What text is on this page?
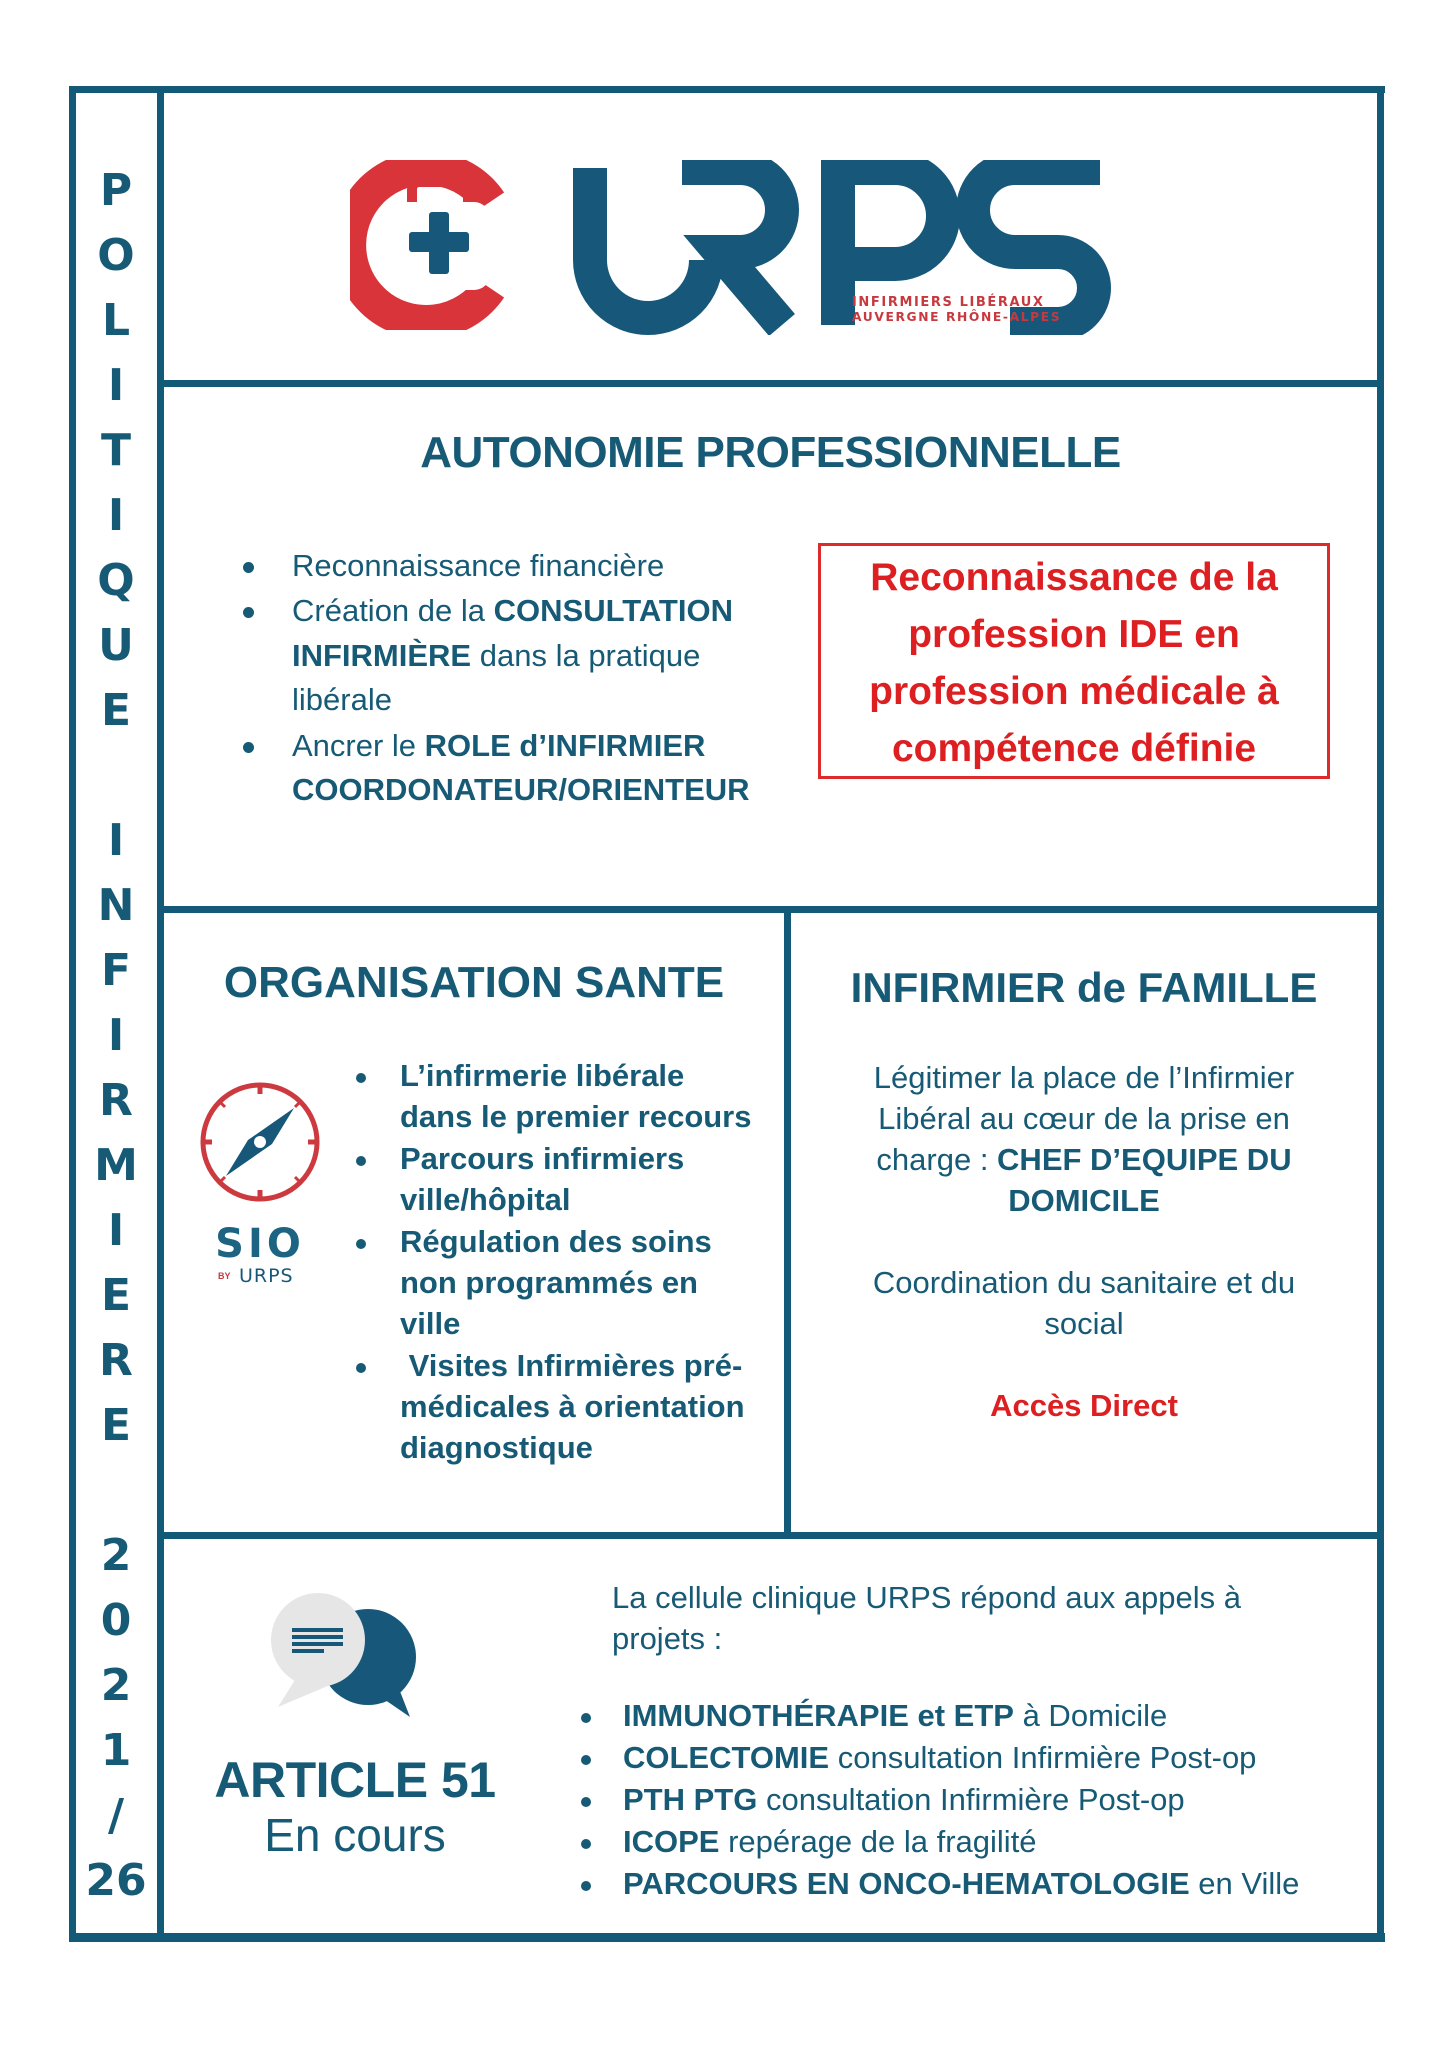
P
O
L
I
T
I
Q
U
E
I
N
F
I
R
M
I
E
R
E
2
0
2
1
/
26
INFIRMIERS LIBÉRAUX
AUVERGNE RHÔNE-ALPES
AUTONOMIE PROFESSIONNELLE
Reconnaissance financière
Création de la CONSULTATION
INFIRMIÈRE dans la pratique
libérale
Ancrer le ROLE d’INFIRMIER
COORDONATEUR/ORIENTEUR
Reconnaissance de la
profession IDE en
profession médicale à
compétence définie
ORGANISATION SANTE
SIO
BY URPS
L’infirmerie libérale
dans le premier recours
Parcours infirmiers
ville/hôpital
Régulation des soins
non programmés en
ville
Visites Infirmières pré-
médicales à orientation
diagnostique
INFIRMIER de FAMILLE
Légitimer la place de l’Infirmier
Libéral au cœur de la prise en
charge : CHEF D’EQUIPE DU
DOMICILE
Coordination du sanitaire et du
social
Accès Direct
ARTICLE 51
En cours
La cellule clinique URPS répond aux appels à
projets :
IMMUNOTHÉRAPIE et ETP à Domicile
COLECTOMIE consultation Infirmière Post-op
PTH PTG consultation Infirmière Post-op
ICOPE repérage de la fragilité
PARCOURS EN ONCO-HEMATOLOGIE en Ville
